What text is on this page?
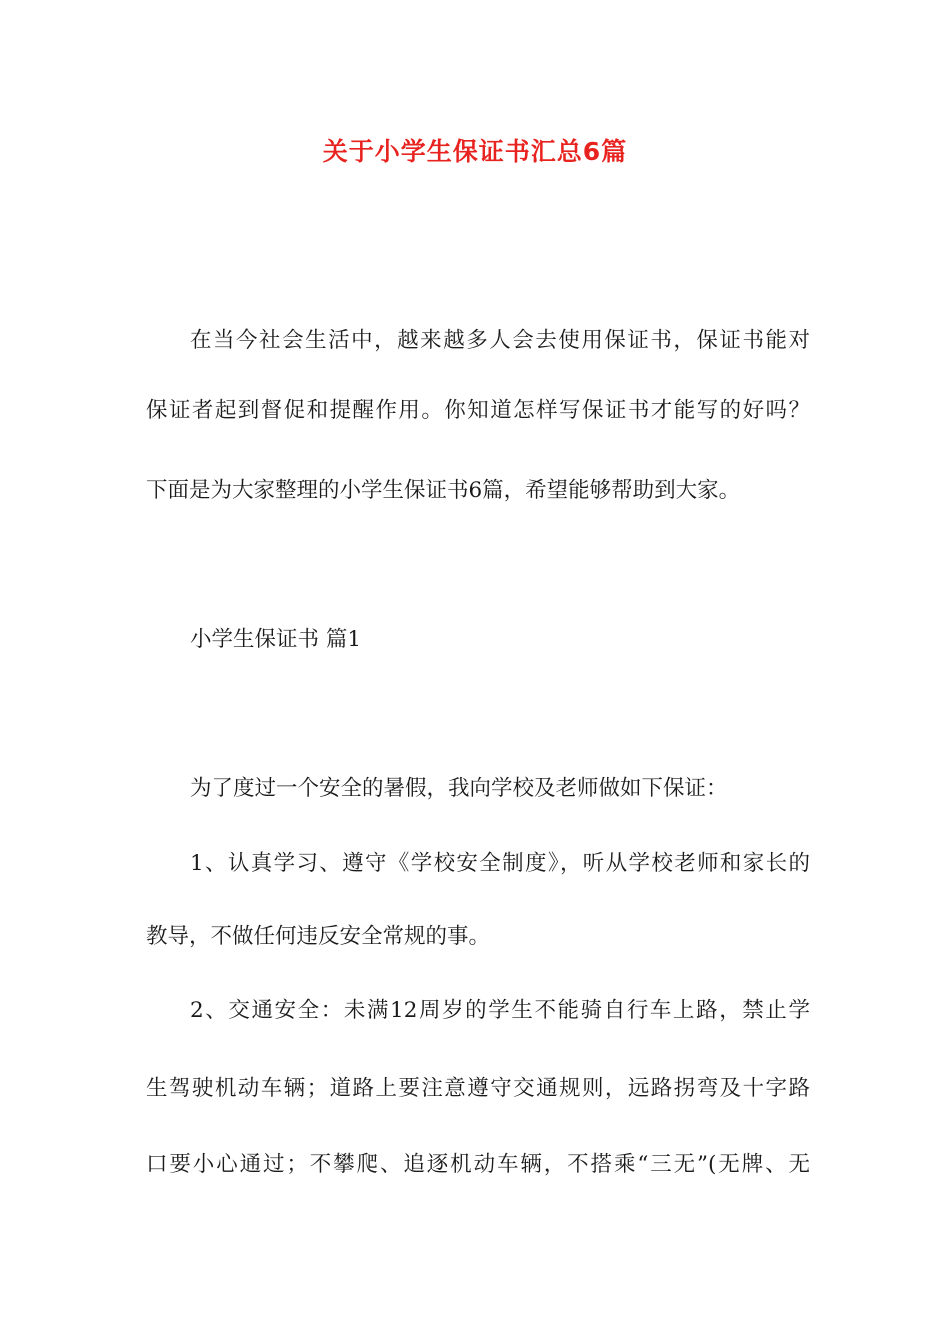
关于小学生保证书汇总6篇
在当今社会生活中，越来越多人会去使用保证书，保证书能对
保证者起到督促和提醒作用。你知道怎样写保证书才能写的好吗？
下面是为大家整理的小学生保证书6篇，希望能够帮助到大家。
小学生保证书 篇1
为了度过一个安全的暑假，我向学校及老师做如下保证：
1、认真学习、遵守《学校安全制度》，听从学校老师和家长的
教导，不做任何违反安全常规的事。
2、交通安全：未满12周岁的学生不能骑自行车上路，禁止学
生驾驶机动车辆；道路上要注意遵守交通规则，远路拐弯及十字路
口要小心通过；不攀爬、追逐机动车辆，不搭乘“三无”(无牌、无
